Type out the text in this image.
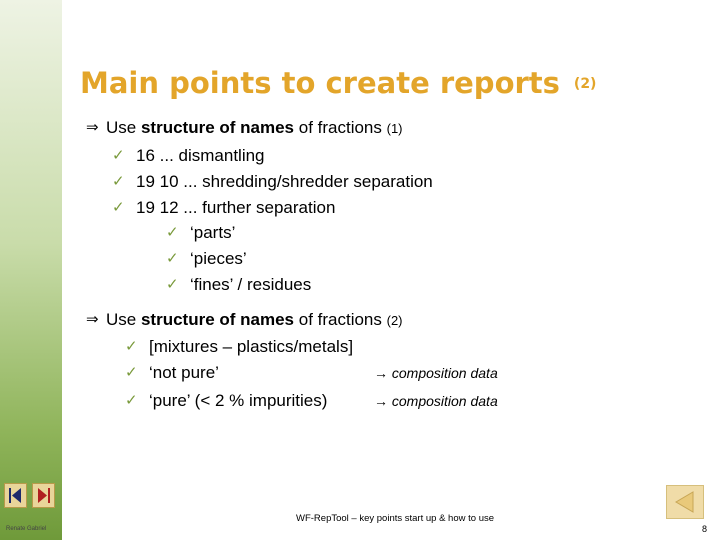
Main points to create reports $^{(2)}$
⇒ Use structure of names of fractions (1)
✓ 16 ... dismantling
✓ 19 10 ... shredding/shredder separation
✓ 19 12 ... further separation
✓ ‘parts’
✓ ‘pieces’
✓ ‘fines’ / residues
⇒ Use structure of names of fractions (2)
✓ [mixtures – plastics/metals]
✓ ‘not pure’	→ composition data
✓ ‘pure’ (< 2 % impurities)	→ composition data
Renate Gabriel
WF-RepTool – key points start up & how to use
8
